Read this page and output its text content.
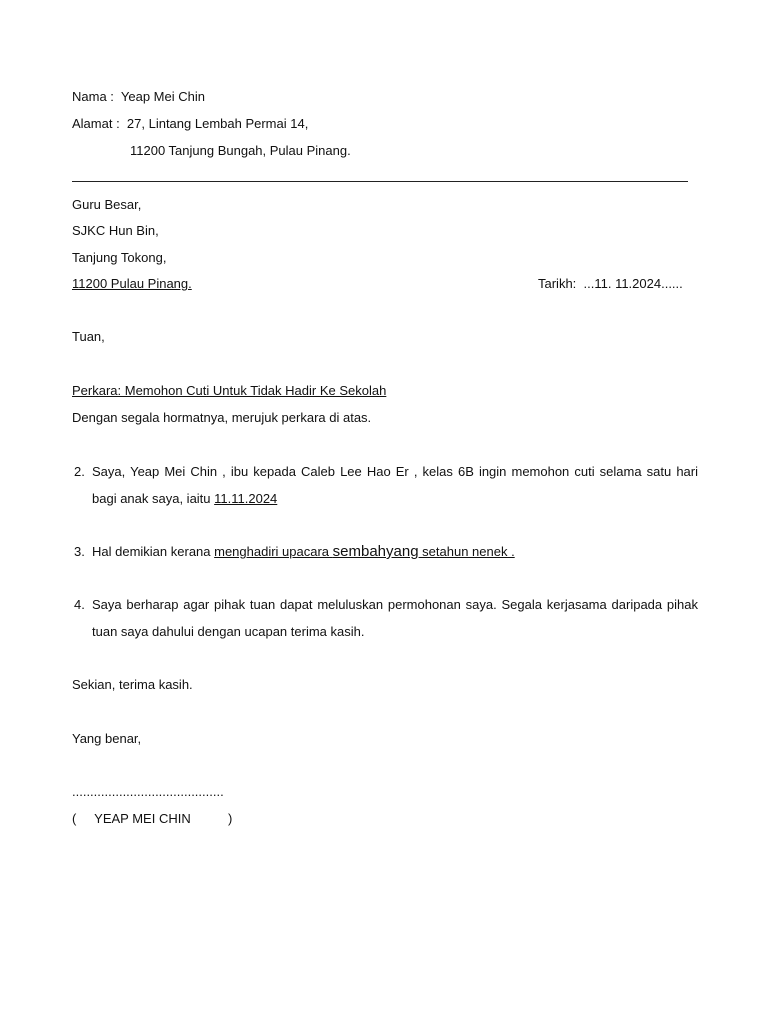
Nama :  Yeap Mei Chin
Alamat :  27, Lintang Lembah Permai 14,
11200 Tanjung Bungah, Pulau Pinang.
Guru Besar,
SJKC Hun Bin,
Tanjung Tokong,
11200 Pulau Pinang.	Tarikh:  ...11. 11.2024......
Tuan,
Perkara: Memohon Cuti Untuk Tidak Hadir Ke Sekolah
Dengan segala hormatnya, merujuk perkara di atas.
2. Saya, Yeap Mei Chin , ibu kepada Caleb Lee Hao Er , kelas 6B ingin memohon cuti selama satu hari bagi anak saya, iaitu 11.11.2024
3. Hal demikian kerana menghadiri upacara sembahyang setahun nenek .
4. Saya berharap agar pihak tuan dapat meluluskan permohonan saya. Segala kerjasama daripada pihak tuan saya dahului dengan ucapan terima kasih.
Sekian, terima kasih.
Yang benar,
..........................................
(     YEAP MEI CHIN	)
